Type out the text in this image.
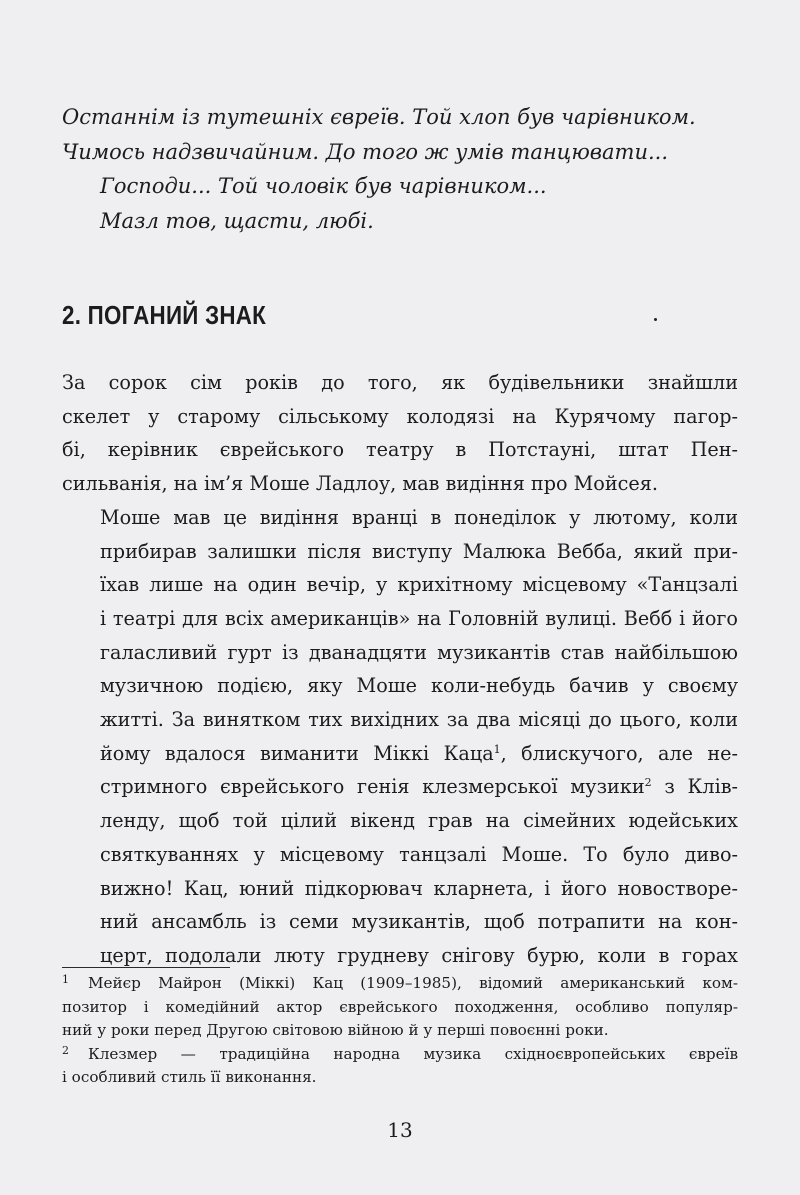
Останнім із тутешніх євреїв. Той хлоп був чарівником.

Чимось надзвичайним. До того ж умів танцювати...

Господи... Той чоловік був чарівником...

Мазл тов, щасти, любі.

2. ПОГАНИЙ ЗНАК

За сорок сім років до того, як будівельники знайшли
скелет у старому сільському колодязі на Курячому пагор-
бі, керівник єврейського театру в Потстауні, штат Пен-
сильванія, на ім’я Моше Ладлоу, мав видіння про Мойсея.

Моше мав це видіння вранці в понеділок у лютому, коли
прибирав залишки після виступу Малюка Вебба, який при-
їхав лише на один вечір, у крихітному місцевому «Танцзалі
і театрі для всіх американців» на Головній вулиці. Вебб і його
галасливий гурт із дванадцяти музикантів став найбільшою
музичною подією, яку Моше коли-небудь бачив у своєму
житті. За винятком тих вихідних за два місяці до цього, коли
йому вдалося виманити Міккі Каца$^1$, блискучого, але не-
стримного єврейського генія клезмерської музики$^2$ з Клів-
ленду, щоб той цілий вікенд грав на сімейних юдейських
святкуваннях у місцевому танцзалі Моше. То було диво-
вижно! Кац, юний підкорювач кларнета, і його новостворе-
ний ансамбль із семи музикантів, щоб потрапити на кон-
церт, подолали люту грудневу снігову бурю, коли в горах

1 Мейєр Майрон (Міккі) Кац (1909–1985), відомий американський ком-
позитор і комедійний актор єврейського походження, особливо популяр-
ний у роки перед Другою світовою війною й у перші повоєнні роки.

2 Клезмер — традиційна народна музика східноєвропейських євреїв
і особливий стиль її виконання.

13
